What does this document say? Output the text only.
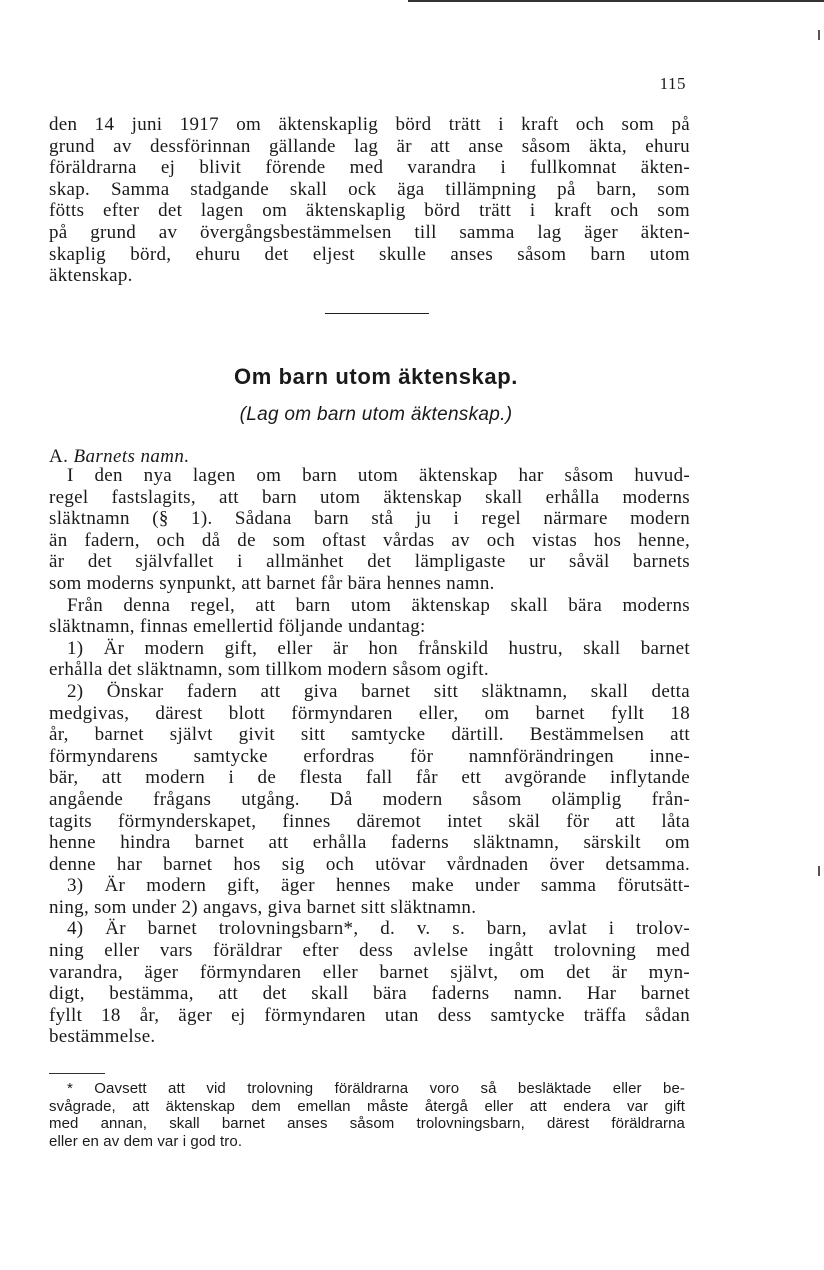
115
den 14 juni 1917 om äktenskaplig börd trätt i kraft och som på
grund av dessförinnan gällande lag är att anse såsom äkta, ehuru
föräldrarna ej blivit förende med varandra i fullkomnat äkten-
skap. Samma stadgande skall ock äga tillämpning på barn, som
fötts efter det lagen om äktenskaplig börd trätt i kraft och som
på grund av övergångsbestämmelsen till samma lag äger äkten-
skaplig börd, ehuru det eljest skulle anses såsom barn utom
äktenskap.
Om barn utom äktenskap.
(Lag om barn utom äktenskap.)
A. Barnets namn.
I den nya lagen om barn utom äktenskap har såsom huvud-
regel fastslagits, att barn utom äktenskap skall erhålla moderns
släktnamn (§ 1). Sådana barn stå ju i regel närmare modern
än fadern, och då de som oftast vårdas av och vistas hos henne,
är det självfallet i allmänhet det lämpligaste ur såväl barnets
som moderns synpunkt, att barnet får bära hennes namn.
Från denna regel, att barn utom äktenskap skall bära moderns
släktnamn, finnas emellertid följande undantag:
1) Är modern gift, eller är hon frånskild hustru, skall barnet
erhålla det släktnamn, som tillkom modern såsom ogift.
2) Önskar fadern att giva barnet sitt släktnamn, skall detta
medgivas, därest blott förmyndaren eller, om barnet fyllt 18
år, barnet självt givit sitt samtycke därtill. Bestämmelsen att
förmyndarens samtycke erfordras för namnförändringen inne-
bär, att modern i de flesta fall får ett avgörande inflytande
angående frågans utgång. Då modern såsom olämplig från-
tagits förmynderskapet, finnes däremot intet skäl för att låta
henne hindra barnet att erhålla faderns släktnamn, särskilt om
denne har barnet hos sig och utövar vårdnaden över detsamma.
3) Är modern gift, äger hennes make under samma förutsätt-
ning, som under 2) angavs, giva barnet sitt släktnamn.
4) Är barnet trolovningsbarn*, d. v. s. barn, avlat i trolov-
ning eller vars föräldrar efter dess avlelse ingått trolovning med
varandra, äger förmyndaren eller barnet självt, om det är myn-
digt, bestämma, att det skall bära faderns namn. Har barnet
fyllt 18 år, äger ej förmyndaren utan dess samtycke träffa sådan
bestämmelse.
* Oavsett att vid trolovning föräldrarna voro så besläktade eller be-
svågrade, att äktenskap dem emellan måste återgå eller att endera var gift
med annan, skall barnet anses såsom trolovningsbarn, därest föräldrarna
eller en av dem var i god tro.
